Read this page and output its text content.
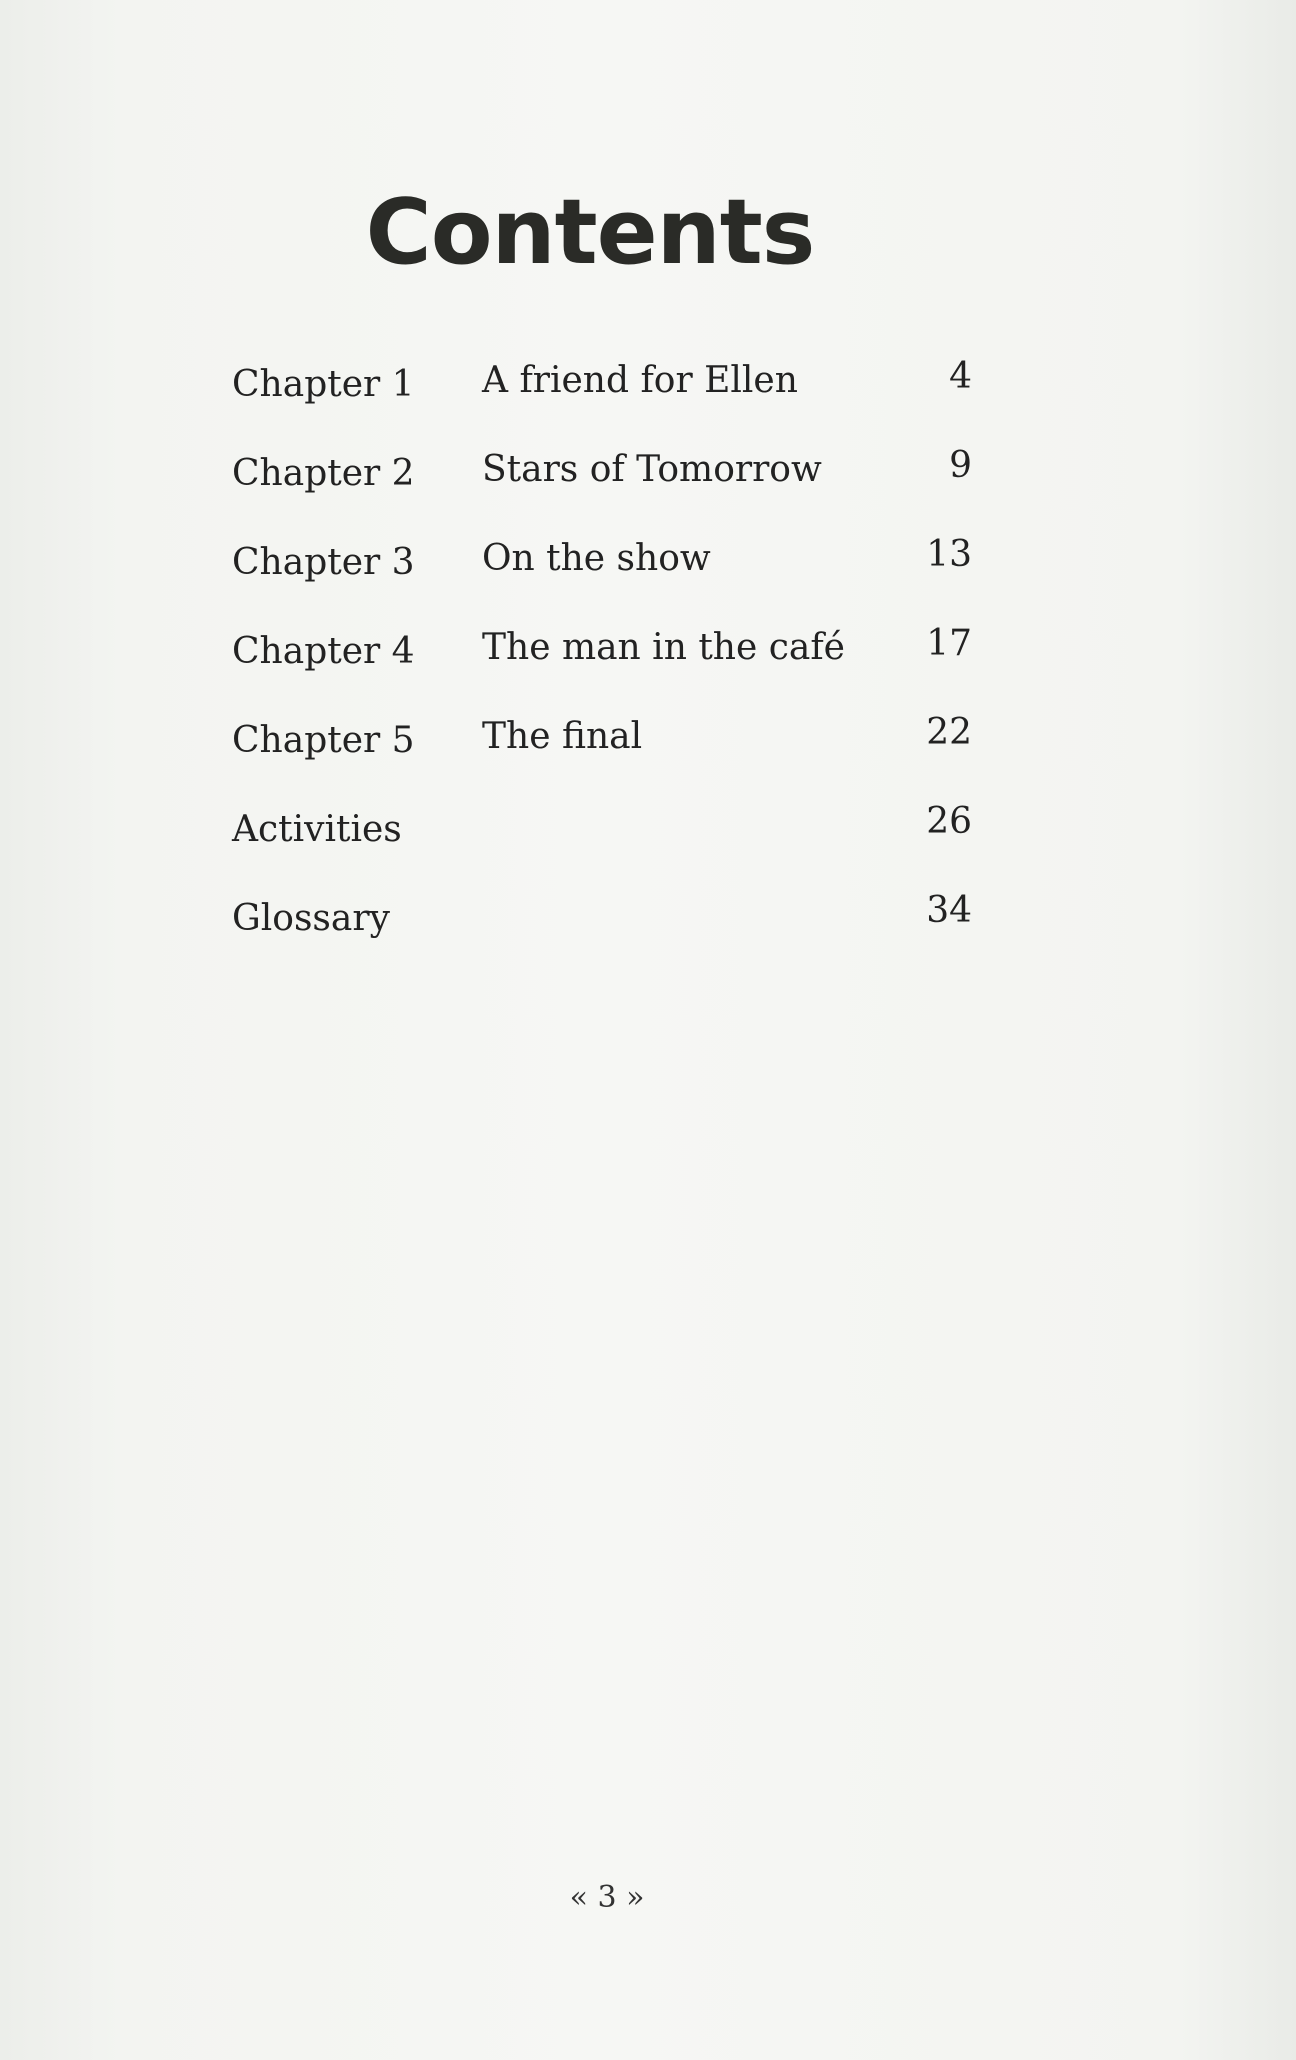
Contents
Chapter 1 A friend for Ellen	4
Chapter 2 Stars of Tomorrow	9
Chapter 3 On the show	13
Chapter 4 The man in the café 17
Chapter 5 The final	22
Activities	26
Glossary	34
« 3 »
